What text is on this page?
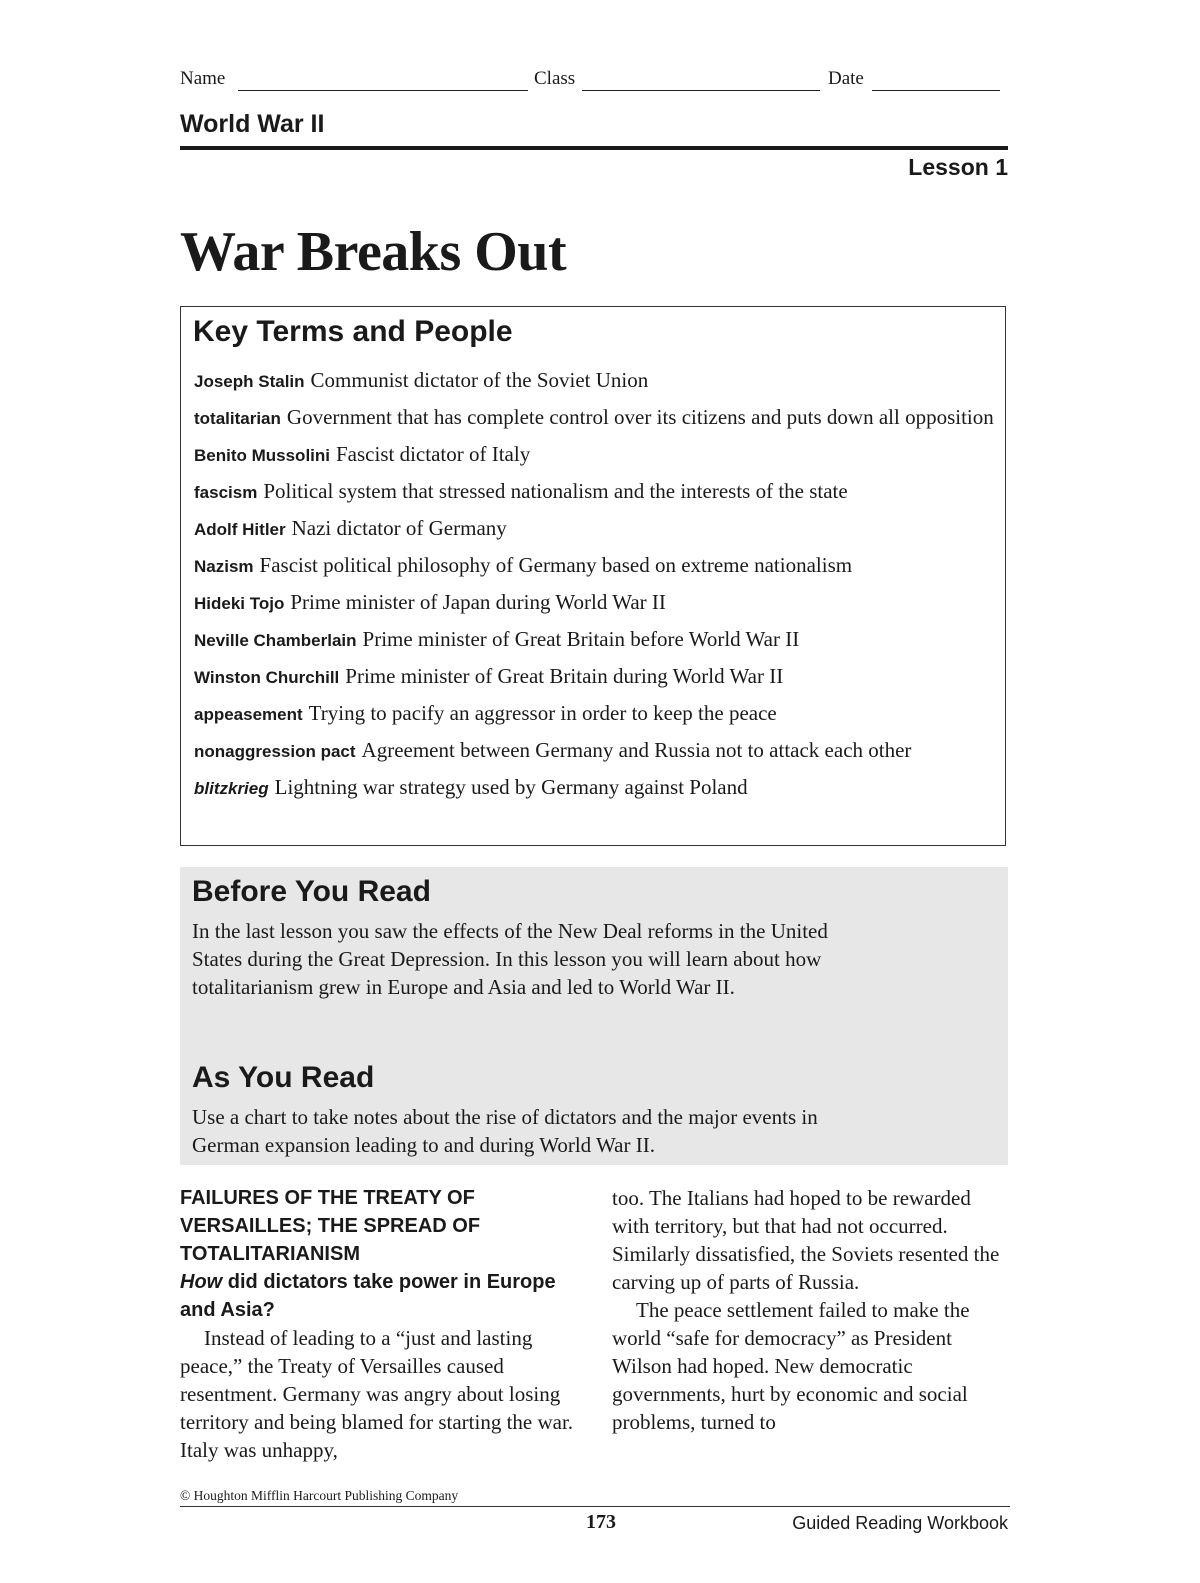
Name	Class	Date
World War II
Lesson 1
War Breaks Out
Key Terms and People
Joseph Stalin Communist dictator of the Soviet Union
totalitarian Government that has complete control over its citizens and puts down all opposition
Benito Mussolini Fascist dictator of Italy
fascism Political system that stressed nationalism and the interests of the state
Adolf Hitler Nazi dictator of Germany
Nazism Fascist political philosophy of Germany based on extreme nationalism
Hideki Tojo Prime minister of Japan during World War II
Neville Chamberlain Prime minister of Great Britain before World War II
Winston Churchill Prime minister of Great Britain during World War II
appeasement Trying to pacify an aggressor in order to keep the peace
nonaggression pact Agreement between Germany and Russia not to attack each other
blitzkrieg Lightning war strategy used by Germany against Poland
Before You Read

In the last lesson you saw the effects of the New Deal reforms in the United States during the Great Depression. In this lesson you will learn about how totalitarianism grew in Europe and Asia and led to World War II.

As You Read

Use a chart to take notes about the rise of dictators and the major events in German expansion leading to and during World War II.

FAILURES OF THE TREATY OF VERSAILLES; THE SPREAD OF TOTALITARIANISM
How did dictators take power in Europe and Asia?

Instead of leading to a “just and lasting peace,” the Treaty of Versailles caused resentment. Germany was angry about losing territory and being blamed for starting the war. Italy was unhappy,

too. The Italians had hoped to be rewarded with territory, but that had not occurred. Similarly dissatisfied, the Soviets resented the carving up of parts of Russia.

The peace settlement failed to make the world “safe for democracy” as President Wilson had hoped. New democratic governments, hurt by economic and social problems, turned to

© Houghton Mifflin Harcourt Publishing Company
173	Guided Reading Workbook
